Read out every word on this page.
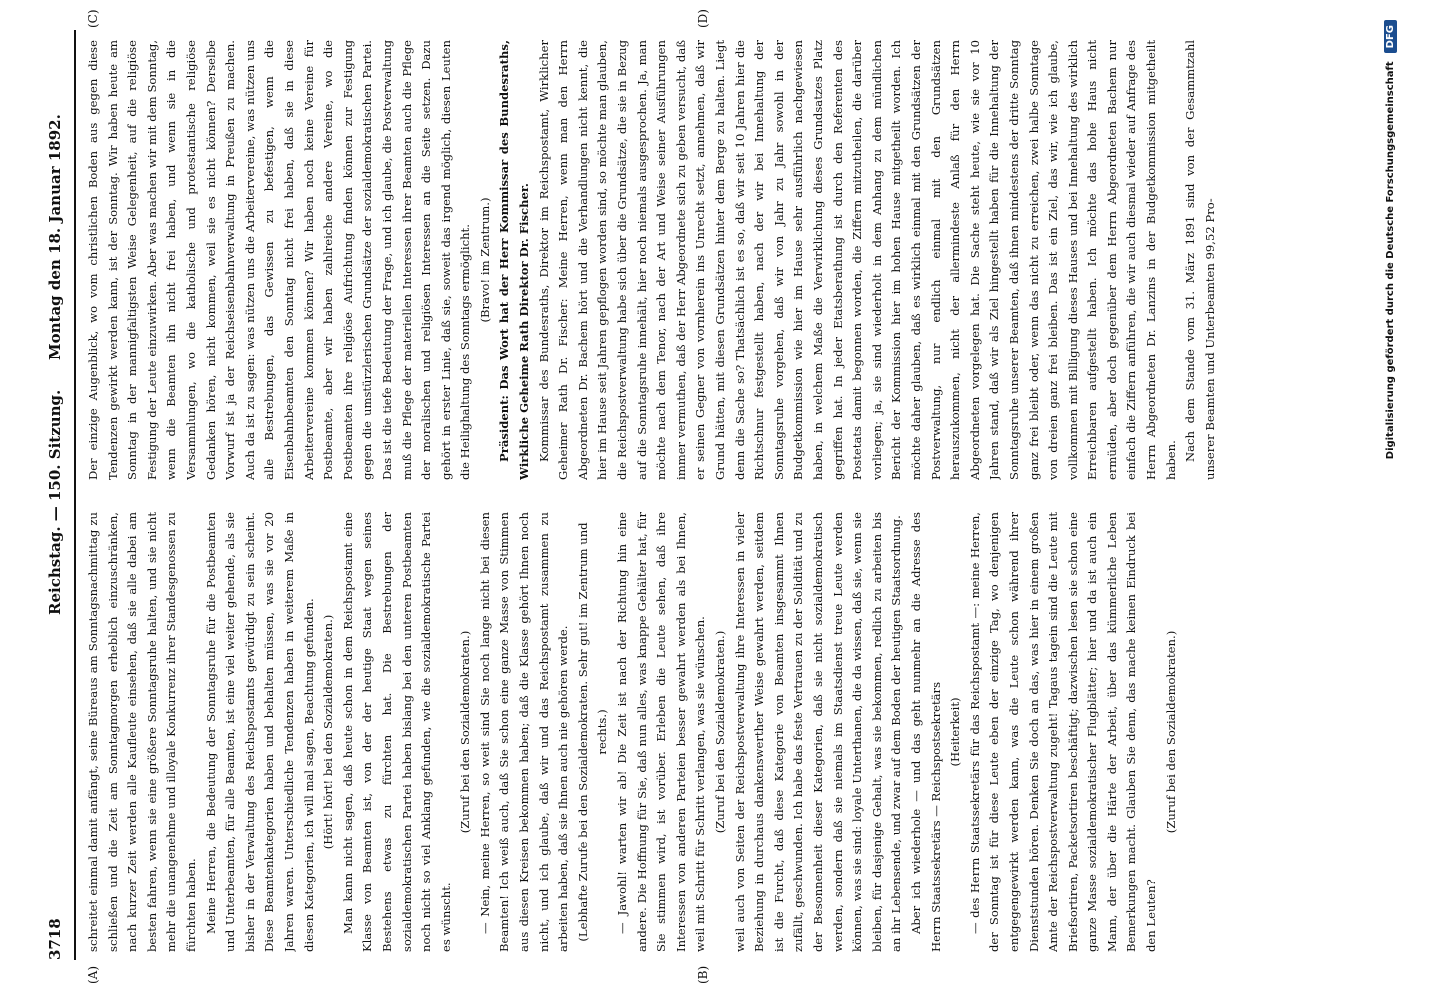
3718
Reichstag. — 150. Sitzung.
Montag den 18. Januar 1892.
(A)	(B)
(C)	(D)

schreitet einmal damit anfängt, seine Büreaus am Sonntagsnachmittag zu schließen und die Zeit am Sonntagmorgen erheblich einzuschränken, nach kurzer Zeit werden alle Kaufleute einsehen, daß sie alle dabei am besten fahren, wenn sie eine größere Sonntagsruhe halten, und sie nicht mehr die unangenehme und illoyale Konkurrenz ihrer Standesgenossen zu fürchten haben. Meine Herren, die Bedeutung der Sonntagsruhe für die Postbeamten und Unterbeamten, für alle Beamten, ist eine viel weiter gehende, als sie bisher in der Verwaltung des Reichspostamts gewürdigt zu sein scheint. Diese Beamtenkategorien haben und behalten müssen, was sie vor 20 Jahren waren. Unterschiedliche Tendenzen haben in weiterem Maße in diesen Kategorien, ich will mal sagen, Beachtung gefunden. (Hört! hört! bei den Sozialdemokraten.) Man kann nicht sagen, daß heute schon in dem Reichspostamt eine Klasse von Beamten ist, von der der heutige Staat wegen seines Bestehens etwas zu fürchten hat. Die Bestrebungen der sozialdemokratischen Partei haben bislang bei den unteren Postbeamten noch nicht so viel Anklang gefunden, wie die sozialdemokratische Partei es wünscht.

(Zuruf bei den Sozialdemokraten.) — Nein, meine Herren, so weit sind Sie noch lange nicht bei diesen Beamten! Ich weiß auch, daß Sie schon eine ganze Masse von Stimmen aus diesen Kreisen bekommen haben; daß die Klasse gehört Ihnen noch nicht, und ich glaube, daß wir und das Reichspostamt zusammen zu arbeiten haben, daß sie Ihnen auch nie gehören werde. (Lebhafte Zurufe bei den Sozialdemokraten. Sehr gut! im Zentrum und rechts.) — Jawohl! warten wir ab! Die Zeit ist nach der Richtung hin eine andere. Die Hoffnung für Sie, daß nun alles, was knappe Gehälter hat, für Sie stimmen wird, ist vorüber. Erleben die Leute sehen, daß ihre Interessen von anderen Parteien besser gewahrt werden als bei Ihnen, weil mit Schritt für Schritt verlangen, was sie wünschen. (Zuruf bei den Sozialdemokraten.) weil auch von Seiten der Reichspostverwaltung ihre Interessen in vieler Beziehung in durchaus dankenswerther Weise gewahrt werden, seitdem ist die Furcht, daß diese Kategorie von Beamten insgesammt Ihnen zufällt, geschwunden. Ich habe das feste Vertrauen zu der Solidität und zu der Besonnenheit dieser Kategorien, daß sie nicht sozialdemokratisch werden, sondern daß sie niemals im Staatsdienst treue Leute werden können, was sie sind: loyale Unterthanen, die da wissen, daß sie, wenn sie bleiben, für dasjenige Gehalt, was sie bekommen, redlich zu arbeiten bis an ihr Lebensende, und zwar auf dem Boden der heutigen Staatsordnung. Aber ich wiederhole — und das geht nunmehr an die Adresse des Herrn Staatssekretärs — Reichspostsekretärs (Heiterkeit) — des Herrn Staatssekretärs für das Reichspostamt —: meine Herren, der Sonntag ist für diese Leute eben der einzige Tag, wo denjenigen entgegengewirkt werden kann, was die Leute schon während ihrer Dienststunden hören. Denken Sie doch an das, was hier in einem großen Amte der Reichspostverwaltung zugeht! Tagaus tagein sind die Leute mit Briefsortiren, Packetsortiren beschäftigt; dazwischen lesen sie schon eine ganze Masse sozialdemokratischer Flugblätter; hier und da ist auch ein Mann, der über die Härte der Arbeit, über das kümmerliche Leben Bemerkungen macht. Glauben Sie denn, das mache keinen Eindruck bei den Leuten?

(Zuruf bei den Sozialdemokraten.)

Der einzige Augenblick, wo vom christlichen Boden aus gegen diese Tendenzen gewirkt werden kann, ist der Sonntag. Wir haben heute am Sonntag in der mannigfaltigsten Weise Gelegenheit, auf die religiöse Festigung der Leute einzuwirken. Aber was machen wir mit dem Sonntag, wenn die Beamten ihn nicht frei haben, und wenn sie in die Versammlungen, wo die katholische und protestantische religiöse Gedanken hören, nicht kommen, weil sie es nicht können? Derselbe Vorwurf ist ja der Reichseisenbahnverwaltung in Preußen zu machen. Auch da ist zu sagen: was nützen uns die Arbeitervereine, was nützen uns alle Bestrebungen, das Gewissen zu befestigen, wenn die Eisenbahnbeamten den Sonntag nicht frei haben, daß sie in diese Arbeitervereine kommen können? Wir haben noch keine Vereine für Postbeamte, aber wir haben zahlreiche andere Vereine, wo die Postbeamten ihre religiöse Aufrichtung finden können zur Festigung gegen die umstürzlerischen Grundsätze der sozialdemokratischen Partei. Das ist die tiefe Bedeutung der Frage, und ich glaube, die Postverwaltung muß die Pflege der materiellen Interessen ihrer Beamten auch die Pflege der moralischen und religiösen Interessen an die Seite setzen. Dazu gehört in erster Linie, daß sie, soweit das irgend möglich, diesen Leuten die Heilighaltung des Sonntags ermöglicht. (Bravo! im Zentrum.) Präsident: Das Wort hat der Herr Kommissar des Bundesraths, Wirkliche Geheime Rath Direktor Dr. Fischer. Kommissar des Bundesraths, Direktor im Reichspostamt, Wirklicher Geheimer Rath Dr. Fischer: Meine Herren, wenn man den Herrn Abgeordneten Dr. Bachem hört und die Verhandlungen nicht kennt, die hier im Hause seit Jahren gepflogen worden sind, so möchte man glauben, die Reichspostverwaltung habe sich über die Grundsätze, die sie in Bezug auf die Sonntagsruhe innehält, hier noch niemals ausgesprochen. Ja, man möchte nach dem Tenor, nach der Art und Weise seiner Ausführungen immer vermuthen, daß der Herr Abgeordnete sich zu geben versucht, daß er seinen Gegner von vornherein ins Unrecht setzt, annehmen, daß wir Grund hätten, mit diesen Grundsätzen hinter dem Berge zu halten. Liegt denn die Sache so? Thatsächlich ist es so, daß wir seit 10 Jahren hier die Richtschnur festgestellt haben, nach der wir bei Innehaltung der Sonntagsruhe vorgehen, daß wir von Jahr zu Jahr sowohl in der Budgetkommission wie hier im Hause sehr ausführlich nachgewiesen haben, in welchem Maße die Verwirklichung dieses Grundsatzes Platz gegriffen hat. In jeder Etatsberathung ist durch den Referenten des Postetats damit begonnen worden, die Ziffern mitzutheilen, die darüber vorliegen; ja, sie sind wiederholt in dem Anhang zu dem mündlichen Bericht der Kommission hier im hohen Hause mitgetheilt worden. Ich möchte daher glauben, daß es wirklich einmal mit den Grundsätzen der Postverwaltung, nur endlich einmal mit den Grundsätzen herauszukommen, nicht der allermindeste Anlaß für den Herrn Abgeordneten vorgelegen hat. Die Sache steht heute, wie sie vor 10 Jahren stand, daß wir als Ziel hingestellt haben für die Innehaltung der Sonntagsruhe unserer Beamten, daß ihnen mindestens der dritte Sonntag ganz frei bleibt oder, wenn das nicht zu erreichen, zwei halbe Sonntage von dreien ganz frei bleiben. Das ist ein Ziel, das wir, wie ich glaube, vollkommen mit Billigung dieses Hauses und bei Innehaltung des wirklich Erreichbaren aufgestellt haben. Ich möchte das hohe Haus nicht ermüden, aber doch gegenüber dem Herrn Abgeordneten Bachem nur einfach die Ziffern anführen, die wir auch diesmal wieder auf Anfrage des Herrn Abgeordneten Dr. Lanzins in der Budgetkommission mitgetheilt haben. Nach dem Stande vom 31. März 1891 sind von der Gesammtzahl unserer Beamten und Unterbeamten 99,52 Pro-	Digitalisierung gefördert durch die Deutsche Forschungsgemeinschaft
DFG
